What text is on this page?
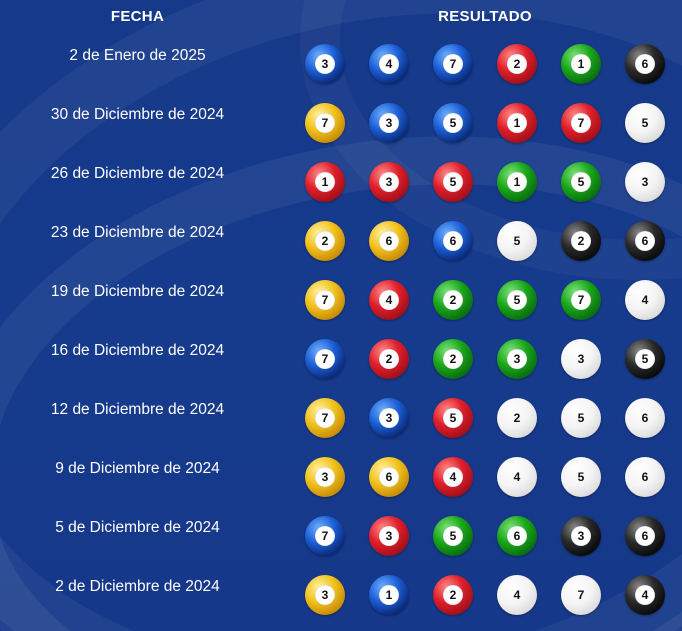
FECHA	RESULTADO
2 de Enero de 2025	3	4	7	2	1	6
30 de Diciembre de 2024	7	3	5	1	7	5
26 de Diciembre de 2024	1	3	5	1	5	3
23 de Diciembre de 2024	2	6	6	5	2	6
19 de Diciembre de 2024	7	4	2	5	7	4
16 de Diciembre de 2024	7	2	2	3	3	5
12 de Diciembre de 2024	7	3	5	2	5	6
9 de Diciembre de 2024	3	6	4	4	5	6
5 de Diciembre de 2024	7	3	5	6	3	6
2 de Diciembre de 2024	3	1	2	4	7	4
